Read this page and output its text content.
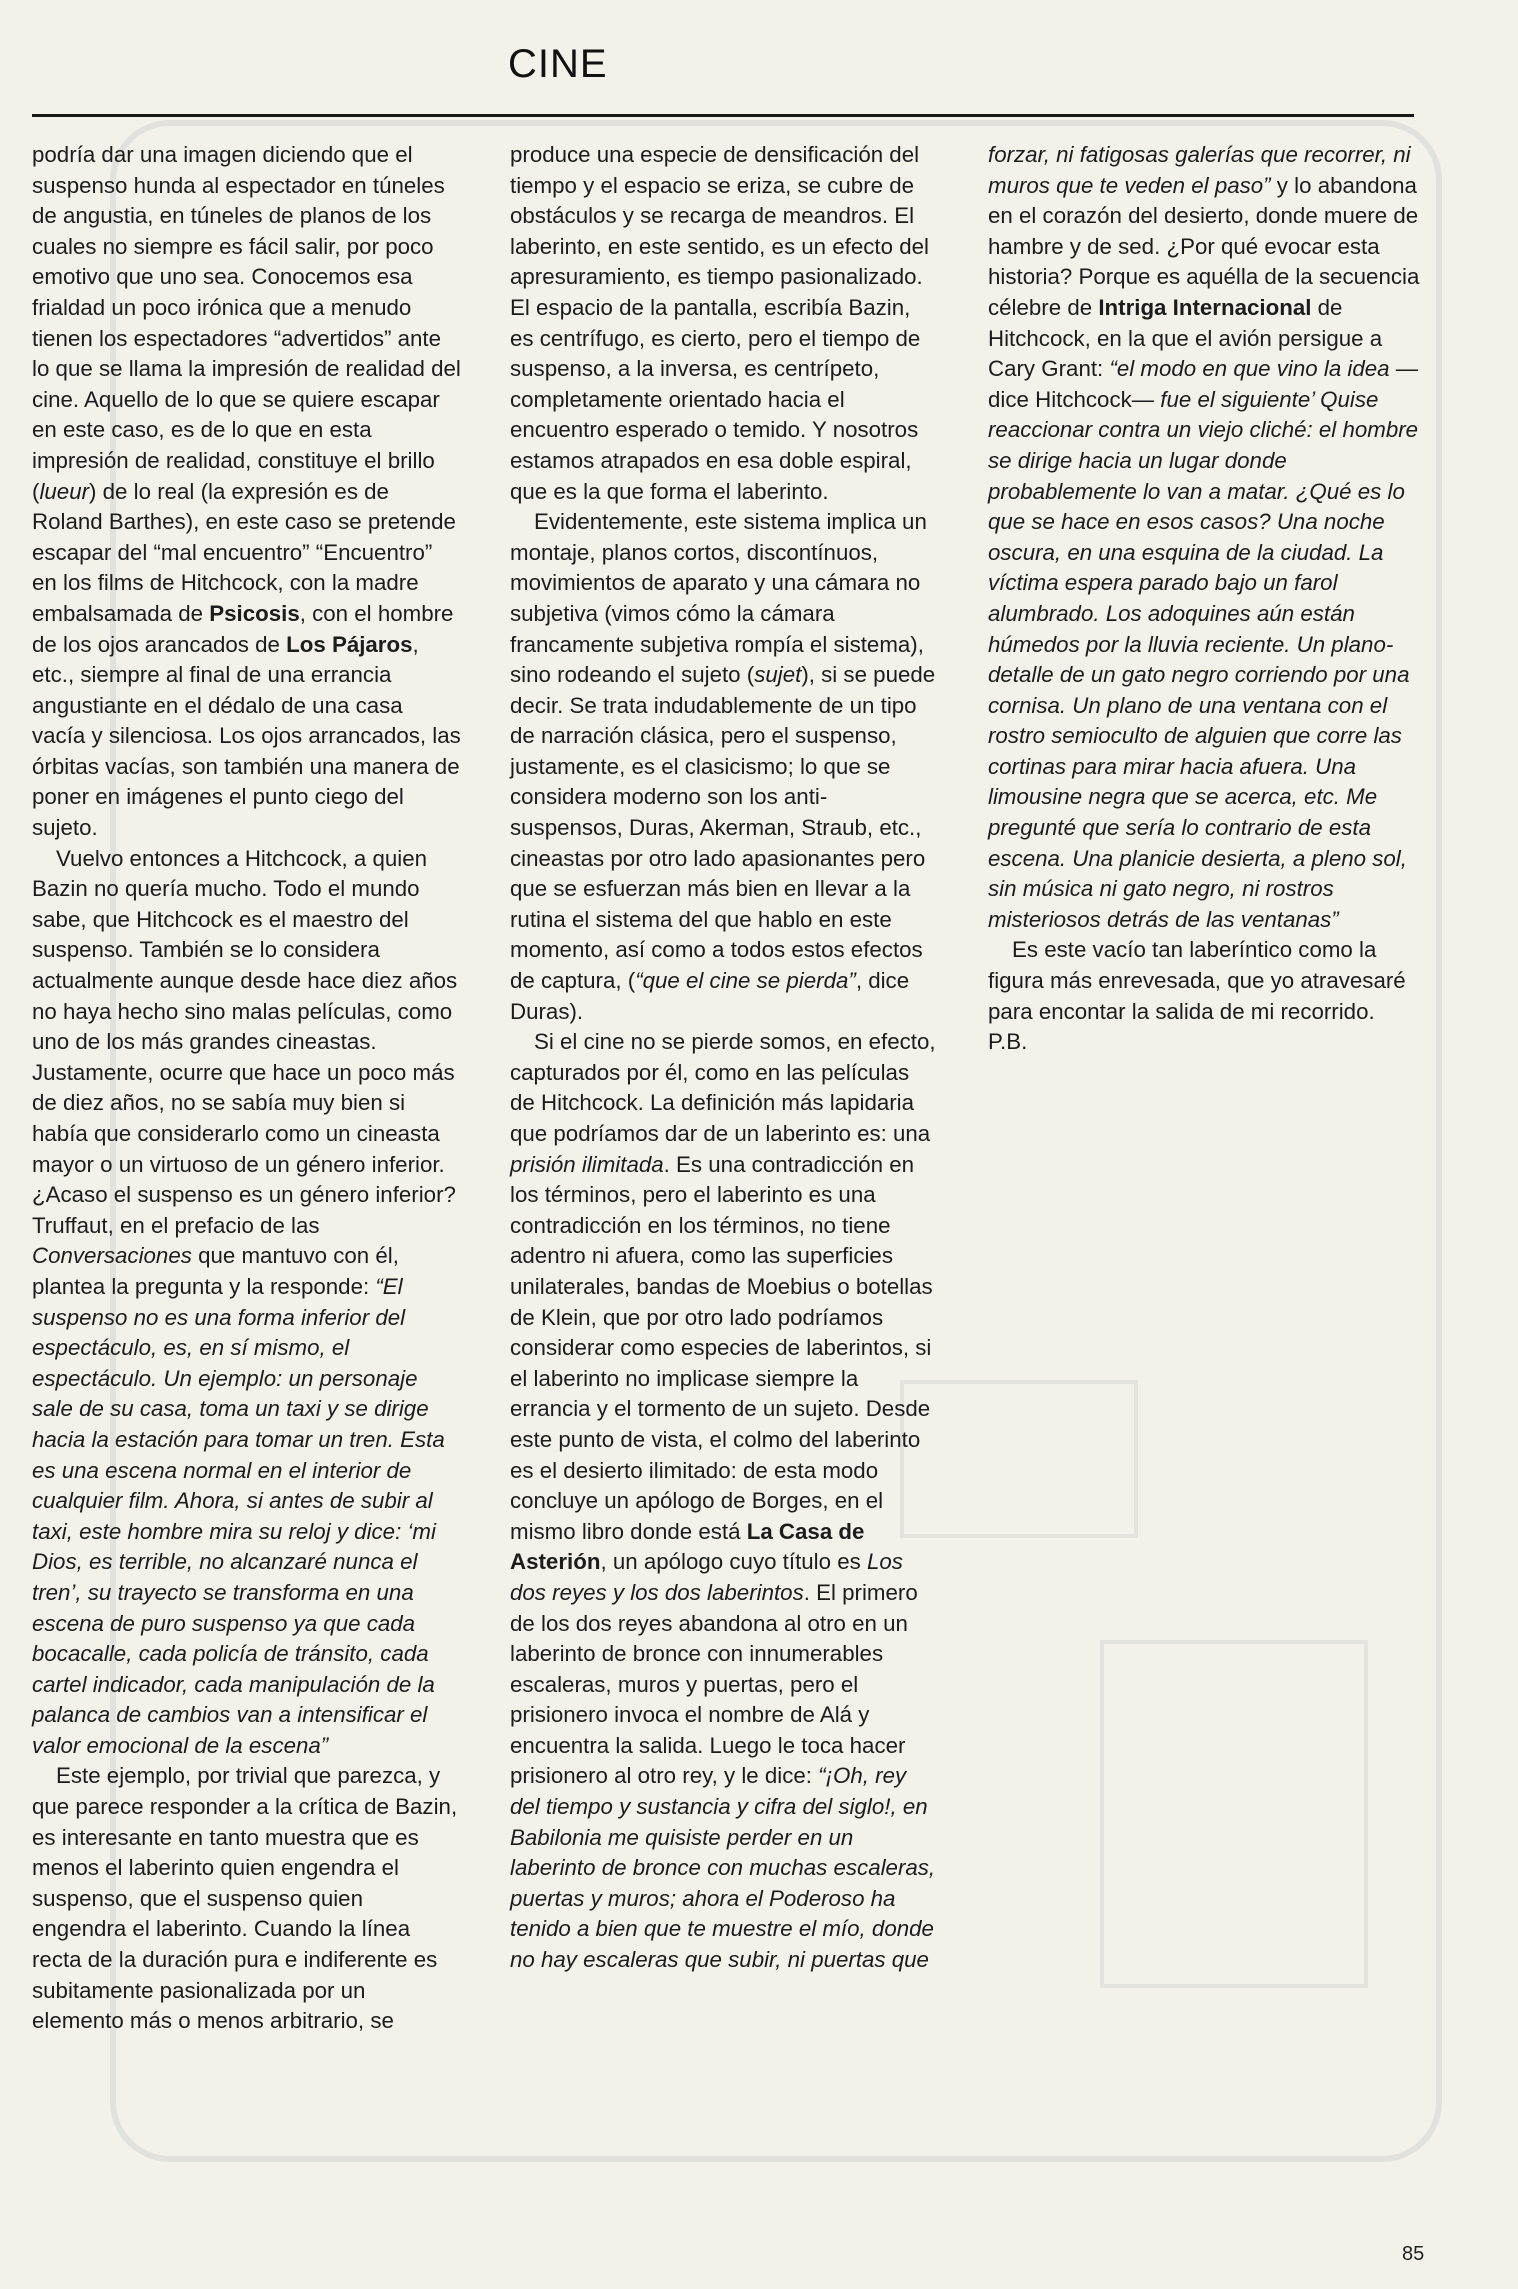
CINE

podría dar una imagen diciendo que el suspenso hunda al espectador en túneles de angustia, en túneles de planos de los cuales no siempre es fácil salir, por poco emotivo que uno sea. Conocemos esa frialdad un poco irónica que a menudo tienen los espectadores “advertidos” ante lo que se llama la impresión de realidad del cine. Aquello de lo que se quiere escapar en este caso, es de lo que en esta impresión de realidad, constituye el brillo (lueur) de lo real (la expresión es de Roland Barthes), en este caso se pretende escapar del “mal encuentro” “Encuentro” en los films de Hitchcock, con la madre embalsamada de Psicosis, con el hombre de los ojos arancados de Los Pájaros, etc., siempre al final de una errancia angustiante en el dédalo de una casa vacía y silenciosa. Los ojos arrancados, las órbitas vacías, son también una manera de poner en imágenes el punto ciego del sujeto.

Vuelvo entonces a Hitchcock, a quien Bazin no quería mucho. Todo el mundo sabe, que Hitchcock es el maestro del suspenso. También se lo considera actualmente aunque desde hace diez años no haya hecho sino malas películas, como uno de los más grandes cineastas. Justamente, ocurre que hace un poco más de diez años, no se sabía muy bien si había que considerarlo como un cineasta mayor o un virtuoso de un género inferior. ¿Acaso el suspenso es un género inferior? Truffaut, en el prefacio de las Conversaciones que mantuvo con él, plantea la pregunta y la responde: “El suspenso no es una forma inferior del espectáculo, es, en sí mismo, el espectáculo. Un ejemplo: un personaje sale de su casa, toma un taxi y se dirige hacia la estación para tomar un tren. Esta es una escena normal en el interior de cualquier film. Ahora, si antes de subir al taxi, este hombre mira su reloj y dice: ‘mi Dios, es terrible, no alcanzaré nunca el tren’, su trayecto se transforma en una escena de puro suspenso ya que cada bocacalle, cada policía de tránsito, cada cartel indicador, cada manipulación de la palanca de cambios van a intensificar el valor emocional de la escena”

Este ejemplo, por trivial que parezca, y que parece responder a la crítica de Bazin, es interesante en tanto muestra que es menos el laberinto quien engendra el suspenso, que el suspenso quien engendra el laberinto. Cuando la línea recta de la duración pura e indiferente es subitamente pasionalizada por un elemento más o menos arbitrario, se

produce una especie de densificación del tiempo y el espacio se eriza, se cubre de obstáculos y se recarga de meandros. El laberinto, en este sentido, es un efecto del apresuramiento, es tiempo pasionalizado. El espacio de la pantalla, escribía Bazin, es centrífugo, es cierto, pero el tiempo de suspenso, a la inversa, es centrípeto, completamente orientado hacia el encuentro esperado o temido. Y nosotros estamos atrapados en esa doble espiral, que es la que forma el laberinto.

Evidentemente, este sistema implica un montaje, planos cortos, discontínuos, movimientos de aparato y una cámara no subjetiva (vimos cómo la cámara francamente subjetiva rompía el sistema), sino rodeando el sujeto (sujet), si se puede decir. Se trata indudablemente de un tipo de narración clásica, pero el suspenso, justamente, es el clasicismo; lo que se considera moderno son los anti-suspensos, Duras, Akerman, Straub, etc., cineastas por otro lado apasionantes pero que se esfuerzan más bien en llevar a la rutina el sistema del que hablo en este momento, así como a todos estos efectos de captura, (“que el cine se pierda”, dice Duras).

Si el cine no se pierde somos, en efecto, capturados por él, como en las películas de Hitchcock. La definición más lapidaria que podríamos dar de un laberinto es: una prisión ilimitada. Es una contradicción en los términos, pero el laberinto es una contradicción en los términos, no tiene adentro ni afuera, como las superficies unilaterales, bandas de Moebius o botellas de Klein, que por otro lado podríamos considerar como especies de laberintos, si el laberinto no implicase siempre la errancia y el tormento de un sujeto. Desde este punto de vista, el colmo del laberinto es el desierto ilimitado: de esta modo concluye un apólogo de Borges, en el mismo libro donde está La Casa de Asterión, un apólogo cuyo título es Los dos reyes y los dos laberintos. El primero de los dos reyes abandona al otro en un laberinto de bronce con innumerables escaleras, muros y puertas, pero el prisionero invoca el nombre de Alá y encuentra la salida. Luego le toca hacer prisionero al otro rey, y le dice: “¡Oh, rey del tiempo y sustancia y cifra del siglo!, en Babilonia me quisiste perder en un laberinto de bronce con muchas escaleras, puertas y muros; ahora el Poderoso ha tenido a bien que te muestre el mío, donde no hay escaleras que subir, ni puertas que

forzar, ni fatigosas galerías que recorrer, ni muros que te veden el paso” y lo abandona en el corazón del desierto, donde muere de hambre y de sed. ¿Por qué evocar esta historia? Porque es aquélla de la secuencia célebre de Intriga Internacional de Hitchcock, en la que el avión persigue a Cary Grant: “el modo en que vino la idea —dice Hitchcock— fue el siguiente’ Quise reaccionar contra un viejo cliché: el hombre se dirige hacia un lugar donde probablemente lo van a matar. ¿Qué es lo que se hace en esos casos? Una noche oscura, en una esquina de la ciudad. La víctima espera parado bajo un farol alumbrado. Los adoquines aún están húmedos por la lluvia reciente. Un plano-detalle de un gato negro corriendo por una cornisa. Un plano de una ventana con el rostro semioculto de alguien que corre las cortinas para mirar hacia afuera. Una limousine negra que se acerca, etc. Me pregunté que sería lo contrario de esta escena. Una planicie desierta, a pleno sol, sin música ni gato negro, ni rostros misteriosos detrás de las ventanas”

Es este vacío tan laberíntico como la figura más enrevesada, que yo atravesaré para encontar la salida de mi recorrido. P.B.

85
